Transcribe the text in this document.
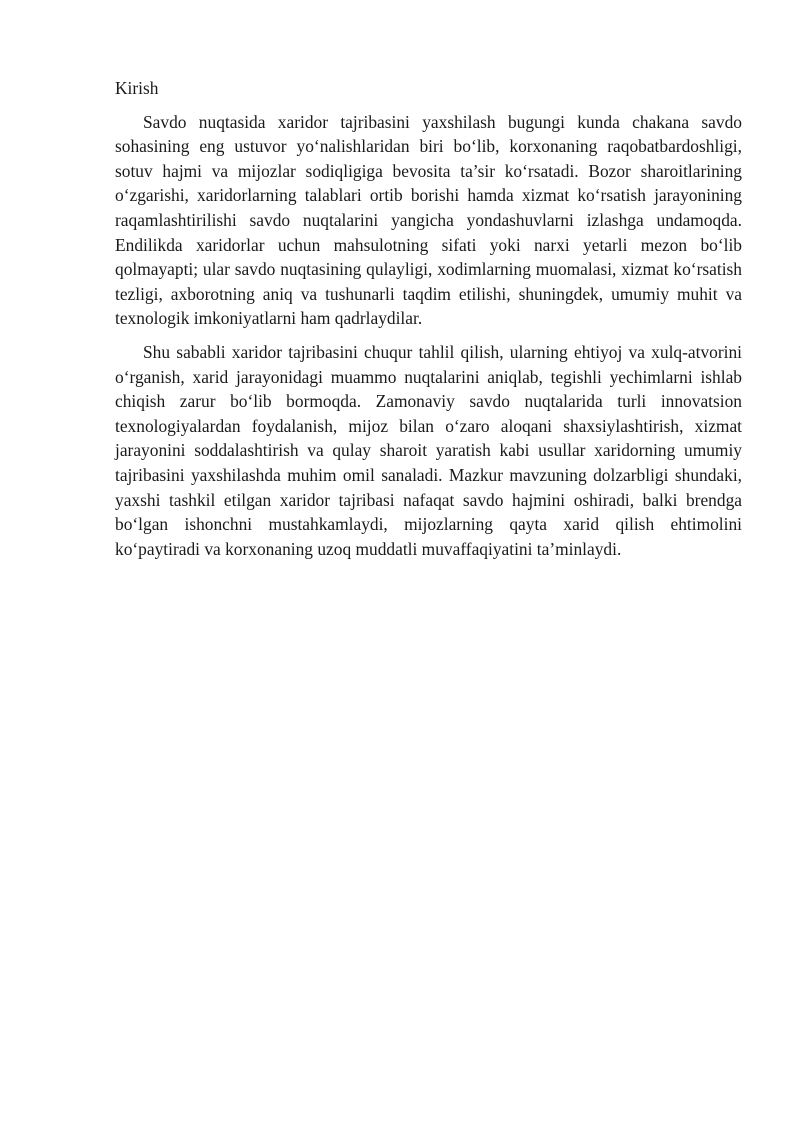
Kirish

Savdo nuqtasida xaridor tajribasini yaxshilash bugungi kunda chakana savdo sohasining eng ustuvor yo‘nalishlaridan biri bo‘lib, korxonaning raqobatbardoshligi, sotuv hajmi va mijozlar sodiqligiga bevosita ta’sir ko‘rsatadi. Bozor sharoitlarining o‘zgarishi, xaridorlarning talablari ortib borishi hamda xizmat ko‘rsatish jarayonining raqamlashtirilishi savdo nuqtalarini yangicha yondashuvlarni izlashga undamoqda. Endilikda xaridorlar uchun mahsulotning sifati yoki narxi yetarli mezon bo‘lib qolmayapti; ular savdo nuqtasining qulayligi, xodimlarning muomalasi, xizmat ko‘rsatish tezligi, axborotning aniq va tushunarli taqdim etilishi, shuningdek, umumiy muhit va texnologik imkoniyatlarni ham qadrlaydilar.

Shu sababli xaridor tajribasini chuqur tahlil qilish, ularning ehtiyoj va xulq-atvorini o‘rganish, xarid jarayonidagi muammo nuqtalarini aniqlab, tegishli yechimlarni ishlab chiqish zarur bo‘lib bormoqda. Zamonaviy savdo nuqtalarida turli innovatsion texnologiyalardan foydalanish, mijoz bilan o‘zaro aloqani shaxsiylashtirish, xizmat jarayonini soddalashtirish va qulay sharoit yaratish kabi usullar xaridorning umumiy tajribasini yaxshilashda muhim omil sanaladi. Mazkur mavzuning dolzarbligi shundaki, yaxshi tashkil etilgan xaridor tajribasi nafaqat savdo hajmini oshiradi, balki brendga bo‘lgan ishonchni mustahkamlaydi, mijozlarning qayta xarid qilish ehtimolini ko‘paytiradi va korxonaning uzoq muddatli muvaffaqiyatini ta’minlaydi.
